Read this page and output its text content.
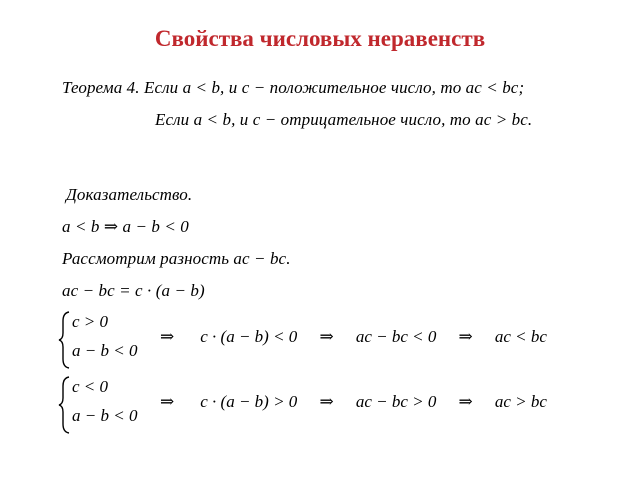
Свойства числовых неравенств
Теорема 4. Если a < b, и c − положительное число, то ac < bc;
Если a < b, и c − отрицательное число, то ac > bc.
Доказательство.
a < b ⇒ a − b < 0
Рассмотрим разность ac − bc.
ac − bc = c · (a − b)
c > 0
a − b < 0
⇒ c · (a − b) < 0 ⇒ ac − bc < 0 ⇒ ac < bc
c < 0
a − b < 0
⇒ c · (a − b) > 0 ⇒ ac − bc > 0 ⇒ ac > bc
